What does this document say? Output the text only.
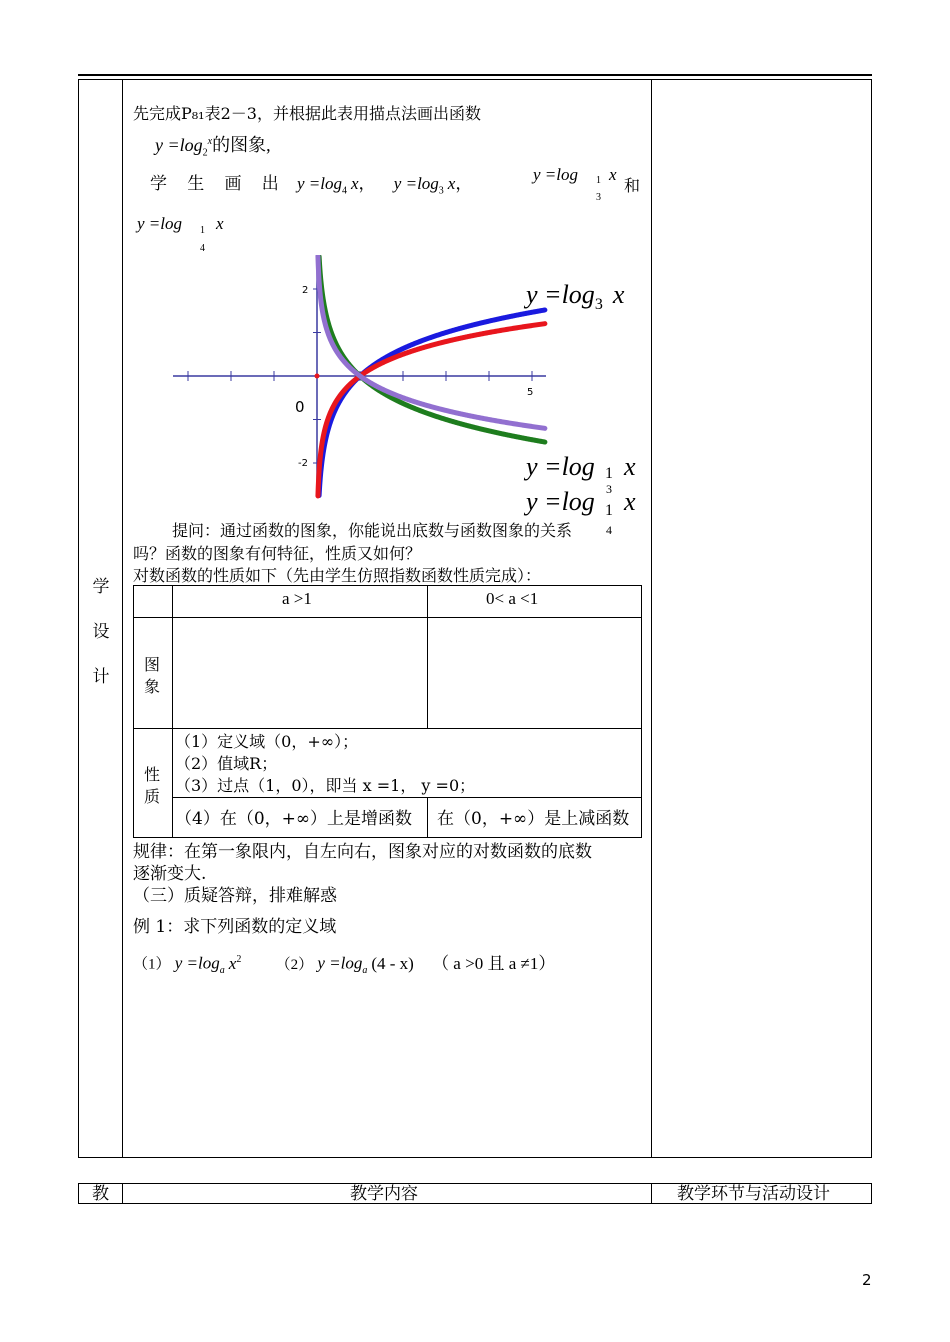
学
设
计
先完成P₈₁表2－3，并根据此表用描点法画出函数
$y =\log_2^x$的图象,
学 生 画 出 $y =\log_4$ x， $y =\log_3$ x，	y =log 1
3
x
和
y =log 1
4
x
5
2
-2
0
$y =\log_3$ x
y =log 1 x
y =log 3
1
4
x
提问：通过函数的图象，你能说出底数与函数图象的关系
吗？函数的图象有何特征，性质又如何？
对数函数的性质如下（先由学生仿照指数函数性质完成）：
a >1	0< a <1
图象
性质
（1）定义域（0，+∞）；
（2）值域R；
（3）过点（1，0），即当 x =1， y =0；
（4）在（0，+∞）上是增函数 在（0，+∞）是上减函数
规律：在第一象限内，自左向右，图象对应的对数函数的底数
逐渐变大.
（三）质疑答辩，排难解惑
例 1：求下列函数的定义域
（1） $y =\log_a$ $x^2$ （2） $y =\log_a$ (4 - x) （ a >0 且 a ≠1）
教	教学内容	教学环节与活动设计
2
